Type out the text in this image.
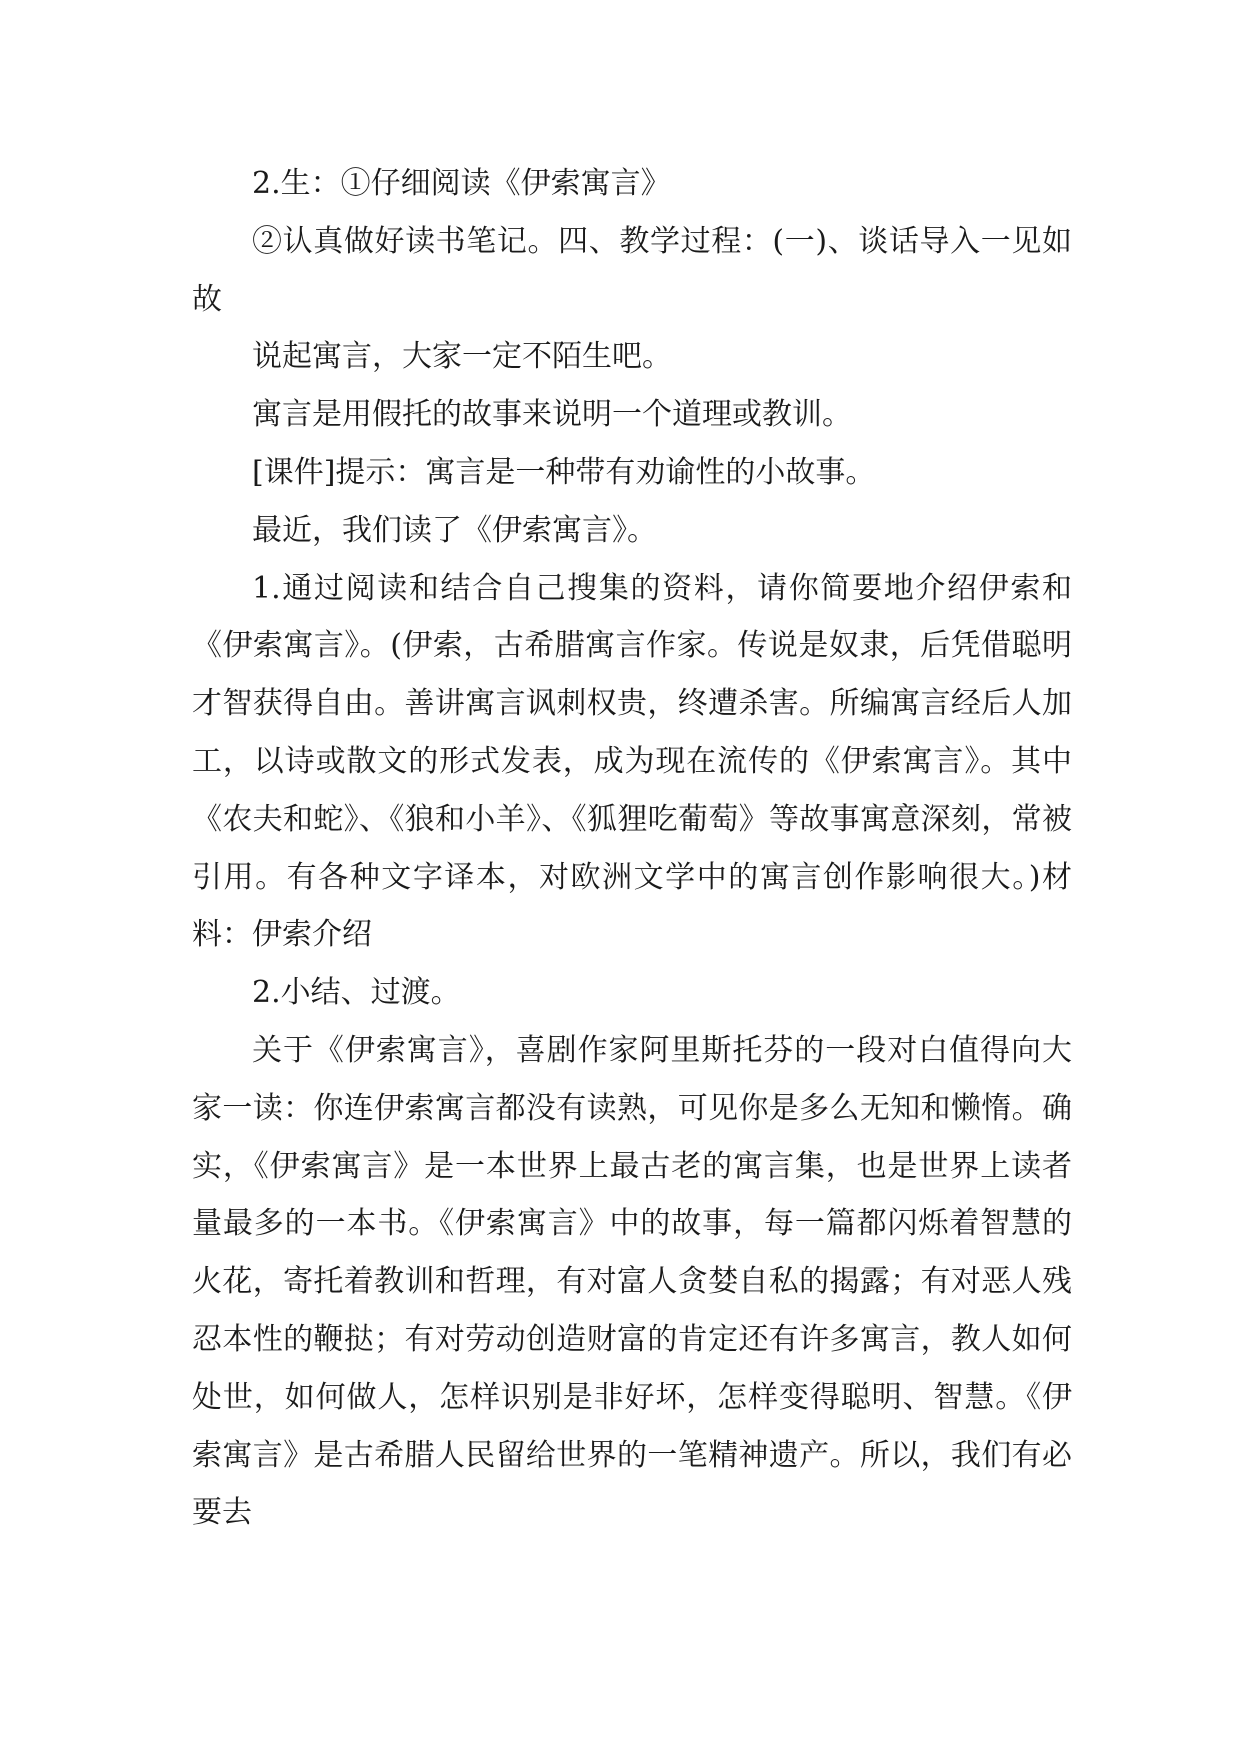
2.生：①仔细阅读《伊索寓言》

②认真做好读书笔记。四、教学过程：(一)、谈话导入一见如故

说起寓言，大家一定不陌生吧。

寓言是用假托的故事来说明一个道理或教训。

[课件]提示：寓言是一种带有劝谕性的小故事。

最近，我们读了《伊索寓言》。

1.通过阅读和结合自己搜集的资料，请你简要地介绍伊索和《伊索寓言》。(伊索，古希腊寓言作家。传说是奴隶，后凭借聪明才智获得自由。善讲寓言讽刺权贵，终遭杀害。所编寓言经后人加工，以诗或散文的形式发表，成为现在流传的《伊索寓言》。其中《农夫和蛇》、《狼和小羊》、《狐狸吃葡萄》等故事寓意深刻，常被引用。有各种文字译本，对欧洲文学中的寓言创作影响很大。)材料：伊索介绍

2.小结、过渡。

关于《伊索寓言》，喜剧作家阿里斯托芬的一段对白值得向大家一读：你连伊索寓言都没有读熟，可见你是多么无知和懒惰。确实，《伊索寓言》是一本世界上最古老的寓言集，也是世界上读者量最多的一本书。《伊索寓言》中的故事，每一篇都闪烁着智慧的火花，寄托着教训和哲理，有对富人贪婪自私的揭露；有对恶人残忍本性的鞭挞；有对劳动创造财富的肯定还有许多寓言，教人如何处世，如何做人，怎样识别是非好坏，怎样变得聪明、智慧。《伊索寓言》是古希腊人民留给世界的一笔精神遗产。所以，我们有必要去
